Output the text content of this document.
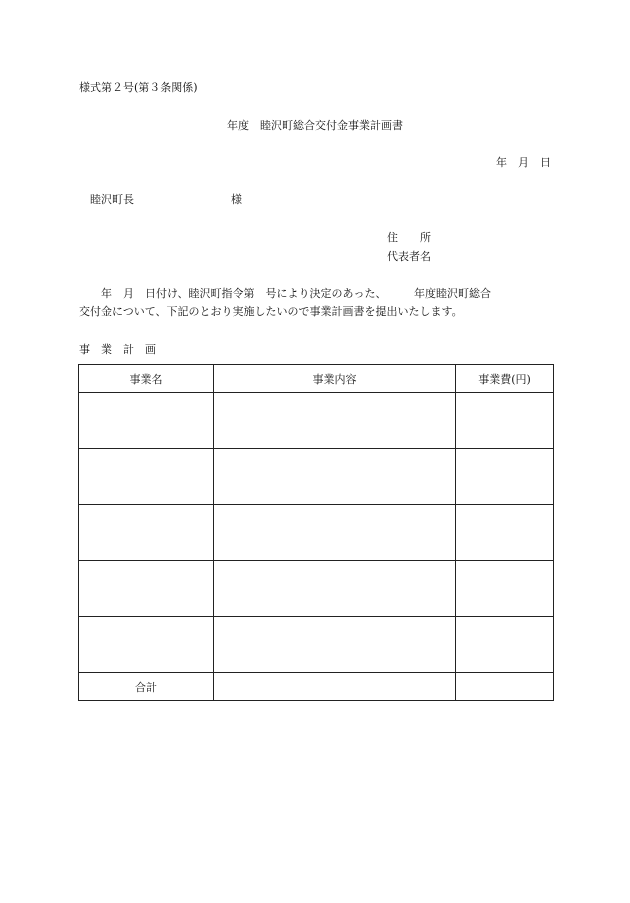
様式第２号(第３条関係)
年度　睦沢町総合交付金事業計画書
年　月　日
睦沢町長	様
住　　所
代表者名
　　年　月　日付け、睦沢町指令第　号により決定のあった、　　　年度睦沢町総合
交付金について、下記のとおり実施したいので事業計画書を提出いたします。
事　業　計　画
事業名	事業内容	事業費(円)

合計		
